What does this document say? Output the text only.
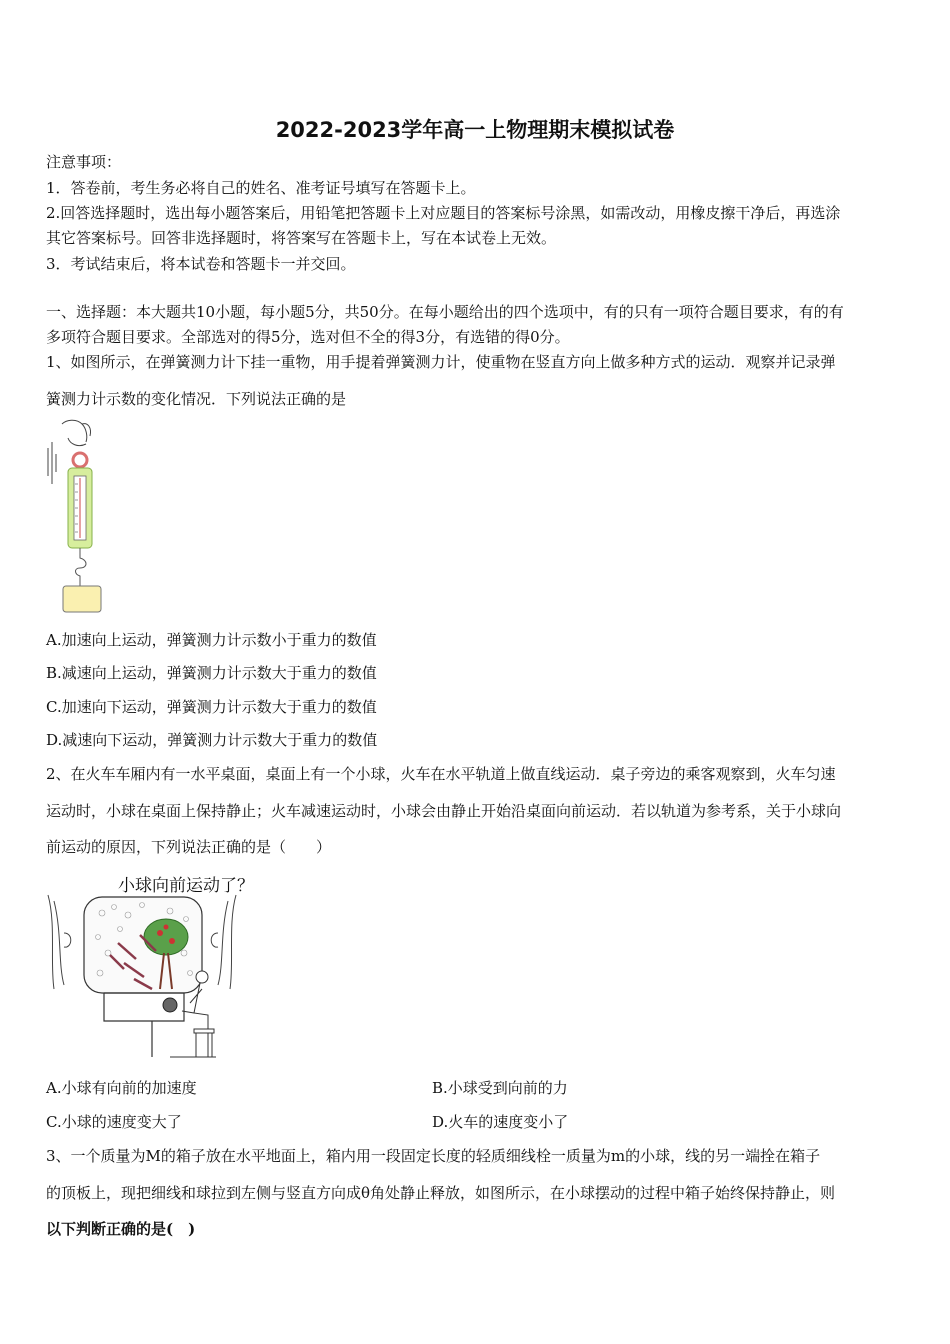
2022-2023学年高一上物理期末模拟试卷
注意事项：
1．答卷前，考生务必将自己的姓名、准考证号填写在答题卡上。
2.回答选择题时，选出每小题答案后，用铅笔把答题卡上对应题目的答案标号涂黑，如需改动，用橡皮擦干净后，再选涂
其它答案标号。回答非选择题时，将答案写在答题卡上，写在本试卷上无效。
3．考试结束后，将本试卷和答题卡一并交回。
一、选择题：本大题共10小题，每小题5分，共50分。在每小题给出的四个选项中，有的只有一项符合题目要求，有的有
多项符合题目要求。全部选对的得5分，选对但不全的得3分，有选错的得0分。
1、如图所示，在弹簧测力计下挂一重物，用手提着弹簧测力计，使重物在竖直方向上做多种方式的运动．观察并记录弹
簧测力计示数的变化情况．下列说法正确的是
A.加速向上运动，弹簧测力计示数小于重力的数值
B.减速向上运动，弹簧测力计示数大于重力的数值
C.加速向下运动，弹簧测力计示数大于重力的数值
D.减速向下运动，弹簧测力计示数大于重力的数值
2、在火车车厢内有一水平桌面，桌面上有一个小球，火车在水平轨道上做直线运动．桌子旁边的乘客观察到，火车匀速
运动时，小球在桌面上保持静止；火车减速运动时，小球会由静止开始沿桌面向前运动．若以轨道为参考系，关于小球向
前运动的原因，下列说法正确的是（　　）
小球向前运动了？
A.小球有向前的加速度	B.小球受到向前的力
C.小球的速度变大了	D.火车的速度变小了
3、一个质量为M的箱子放在水平地面上，箱内用一段固定长度的轻质细线栓一质量为m的小球，线的另一端拴在箱子
的顶板上，现把细线和球拉到左侧与竖直方向成θ角处静止释放，如图所示，在小球摆动的过程中箱子始终保持静止，则
以下判断正确的是(　)
